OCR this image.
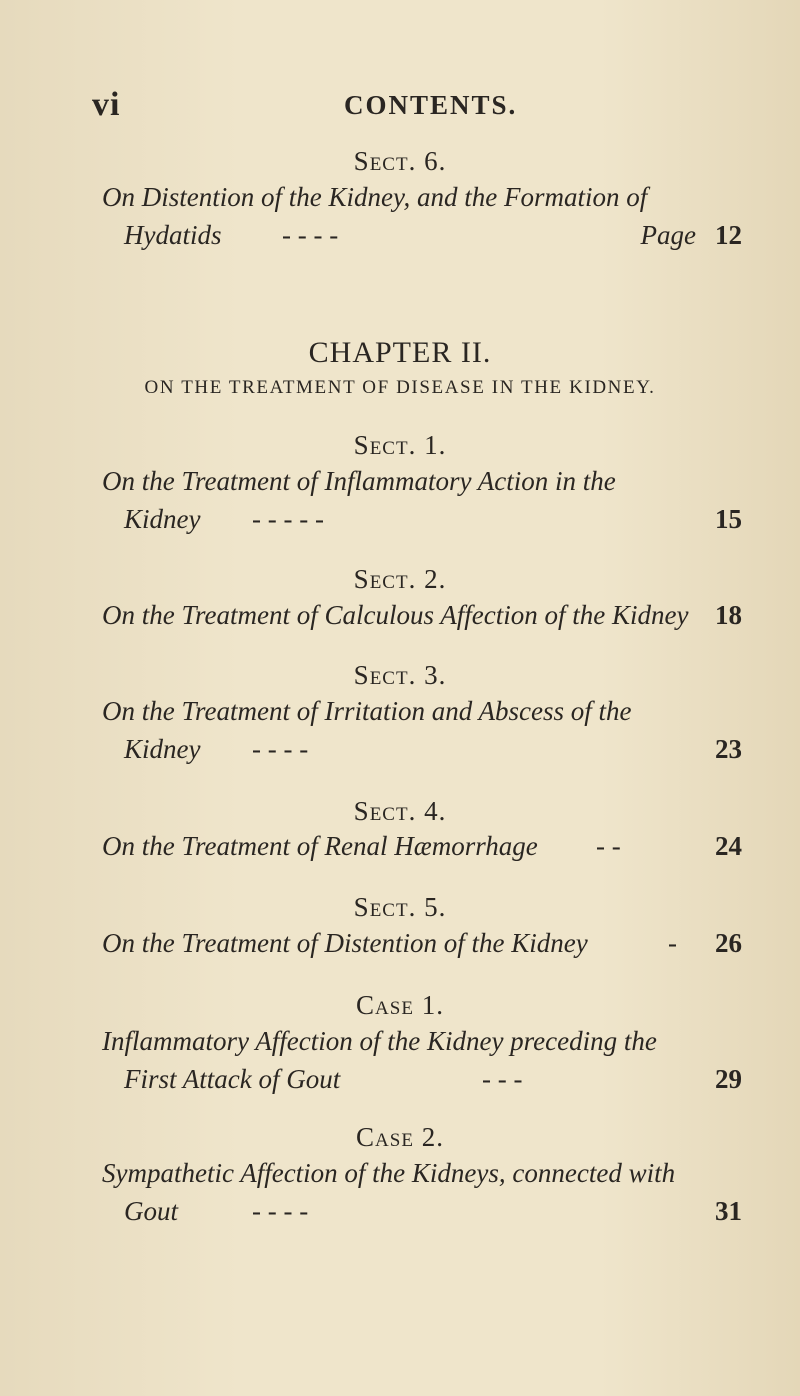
vi	CONTENTS.
Sect. 6.
On Distention of the Kidney, and the Formation of
Hydatids - - - -	Page 12
CHAPTER II.
ON THE TREATMENT OF DISEASE IN THE KIDNEY.
Sect. 1.
On the Treatment of Inflammatory Action in the
Kidney - - - - -	15
Sect. 2.
On the Treatment of Calculous Affection of the Kidney 18
Sect. 3.
On the Treatment of Irritation and Abscess of the
Kidney - - - -	23
Sect. 4.
On the Treatment of Renal Hæmorrhage - -	24
Sect. 5.
On the Treatment of Distention of the Kidney	- 26
Case 1.
Inflammatory Affection of the Kidney preceding the
First Attack of Gout	- - -	29
Case 2.
Sympathetic Affection of the Kidneys, connected with
Gout	- - - -	31
